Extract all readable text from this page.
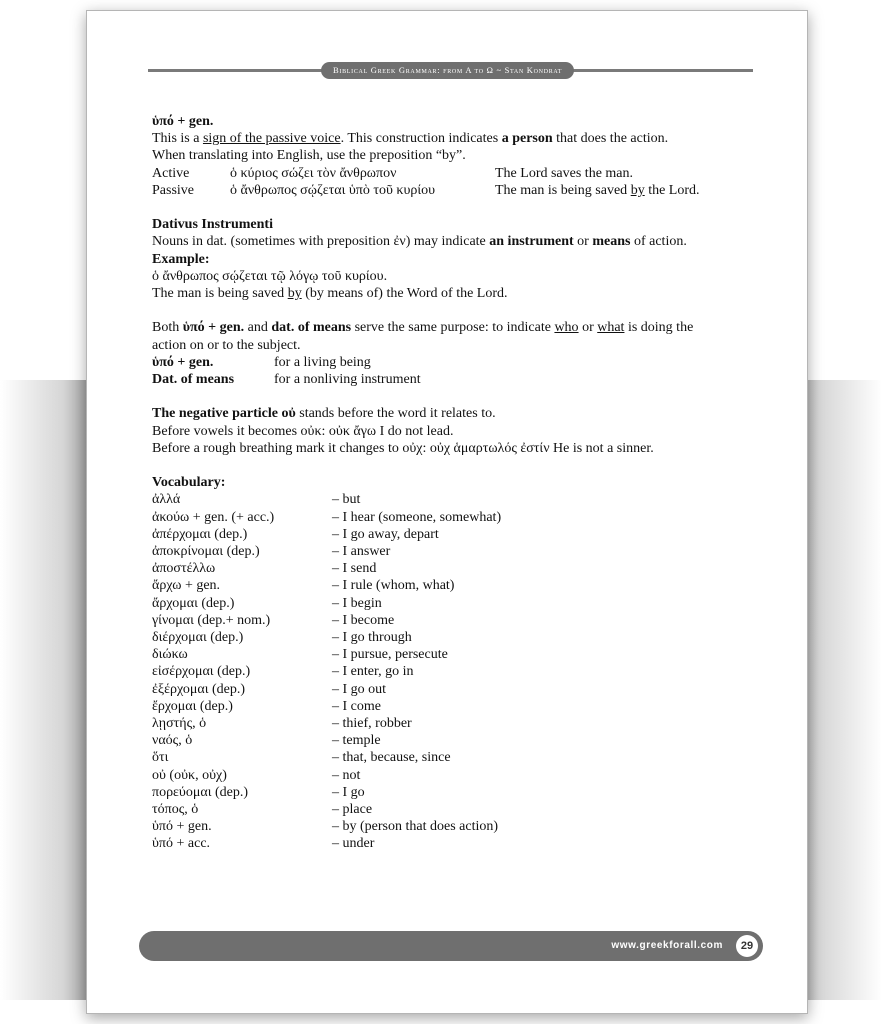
Biblical Greek Grammar: from A to Ω ~ Stan Kondrat

ὑπό + gen.

This is a sign of the passive voice. This construction indicates a person that does the action.

When translating into English, use the preposition “by”.

Active	ὁ κύριος σώζει τὸν ἄνθρωπον	The Lord saves the man.
Passive	ὁ ἄνθρωπος σῴζεται ὑπὸ τοῦ κυρίου	The man is being saved by the Lord.

Dativus Instrumenti

Nouns in dat. (sometimes with preposition ἐν) may indicate an instrument or means of action.

Example:

ὁ ἄνθρωπος σῴζεται τῷ λόγῳ τοῦ κυρίου.

The man is being saved by (by means of) the Word of the Lord.

Both ὑπό + gen. and dat. of means serve the same purpose: to indicate who or what is doing the

action on or to the subject.

ὑπό + gen.	for a living being
Dat. of means	for a nonliving instrument

The negative particle οὐ stands before the word it relates to.

Before vowels it becomes οὐκ: οὐκ ἄγω I do not lead.

Before a rough breathing mark it changes to οὐχ: οὐχ ἁμαρτωλός ἐστίν He is not a sinner.

Vocabulary:

ἀλλά	– but
ἀκούω + gen. (+ acc.)	– I hear (someone, somewhat)
ἀπέρχομαι (dep.)	– I go away, depart
ἀποκρίνομαι (dep.)	– I answer
ἀποστέλλω	– I send
ἄρχω + gen.	– I rule (whom, what)
ἄρχομαι (dep.)	– I begin
γίνομαι (dep.+ nom.)	– I become
διέρχομαι (dep.)	– I go through
διώκω	– I pursue, persecute
εἰσέρχομαι (dep.)	– I enter, go in
ἐξέρχομαι (dep.)	– I go out
ἔρχομαι (dep.)	– I come
λῃστής, ὁ	– thief, robber
ναός, ὁ	– temple
ὅτι	– that, because, since
οὐ (οὐκ, οὐχ)	– not
πορεύομαι (dep.)	– I go
τόπος, ὁ	– place
ὑπό + gen.	– by (person that does action)
ὑπό + acc.	– under
www.greekforall.com	29
